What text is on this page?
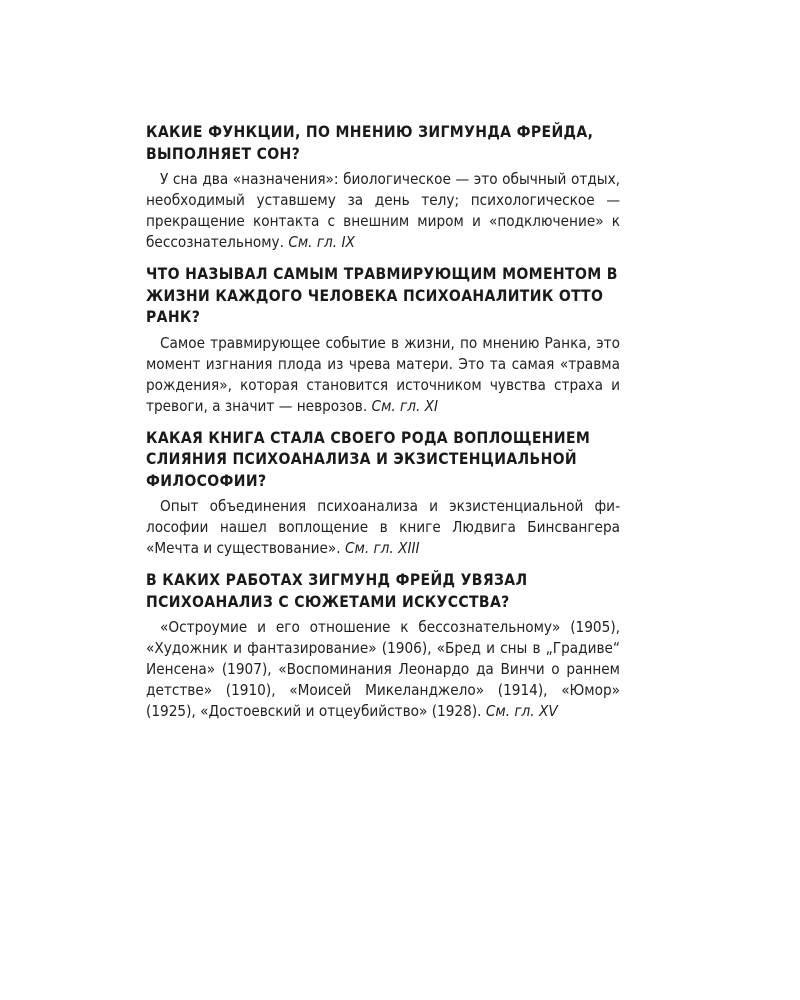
КАКИЕ ФУНКЦИИ, ПО МНЕНИЮ ЗИГМУНДА ФРЕЙДА, ВЫПОЛНЯЕТ СОН?

У сна два «назначения»: биологическое — это обычный отдых, необходимый уставшему за день телу; психологическое — прекращение контакта с внешним миром и «подключение» к бессознательному. См. гл. IX

ЧТО НАЗЫВАЛ САМЫМ ТРАВМИРУЮЩИМ МОМЕНТОМ В ЖИЗНИ КАЖДОГО ЧЕЛОВЕКА ПСИХОАНАЛИТИК ОТТО РАНК?

Самое травмирующее событие в жизни, по мнению Ранка, это момент изгнания плода из чрева матери. Это та самая «травма рождения», которая становится источником чувства страха и тревоги, а значит — неврозов. См. гл. XI

КАКАЯ КНИГА СТАЛА СВОЕГО РОДА ВОПЛОЩЕНИЕМ СЛИЯНИЯ ПСИХОАНАЛИЗА И ЭКЗИСТЕНЦИАЛЬНОЙ ФИЛОСОФИИ?

Опыт объединения психоанализа и экзистенциальной философии нашел воплощение в книге Людвига Бинсвангера «Мечта и существование». См. гл. XIII

В КАКИХ РАБОТАХ ЗИГМУНД ФРЕЙД УВЯЗАЛ ПСИХОАНАЛИЗ С СЮЖЕТАМИ ИСКУССТВА?

«Остроумие и его отношение к бессознательному» (1905), «Художник и фантазирование» (1906), «Бред и сны в „Градиве“ Иенсена» (1907), «Воспоминания Леонардо да Винчи о раннем детстве» (1910), «Моисей Микеланджело» (1914), «Юмор» (1925), «Достоевский и отцеубийство» (1928). См. гл. XV
